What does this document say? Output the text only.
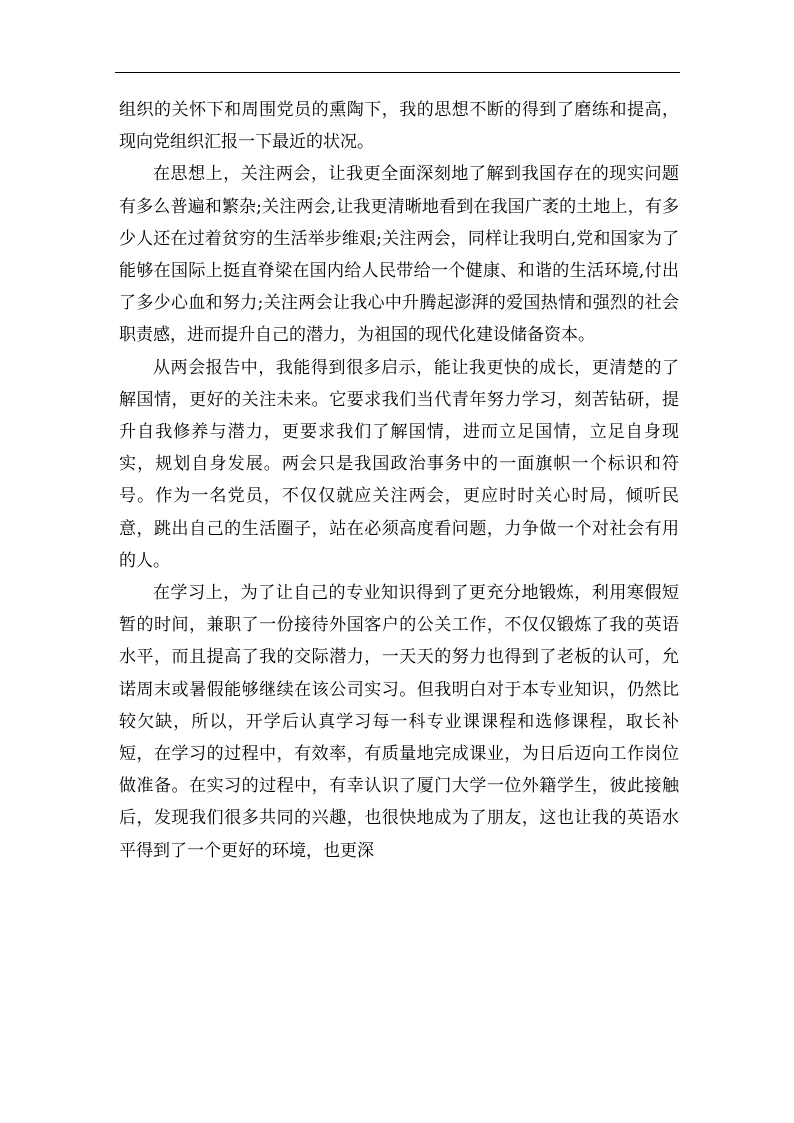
组织的关怀下和周围党员的熏陶下，我的思想不断的得到了磨练和提高，现向党组织汇报一下最近的状况。

在思想上，关注两会，让我更全面深刻地了解到我国存在的现实问题有多么普遍和繁杂;关注两会,让我更清晰地看到在我国广袤的土地上，有多少人还在过着贫穷的生活举步维艰;关注两会，同样让我明白,党和国家为了能够在国际上挺直脊梁在国内给人民带给一个健康、和谐的生活环境,付出了多少心血和努力;关注两会让我心中升腾起澎湃的爱国热情和强烈的社会职责感，进而提升自己的潜力，为祖国的现代化建设储备资本。

从两会报告中，我能得到很多启示，能让我更快的成长，更清楚的了解国情，更好的关注未来。它要求我们当代青年努力学习，刻苦钻研，提升自我修养与潜力，更要求我们了解国情，进而立足国情，立足自身现实，规划自身发展。两会只是我国政治事务中的一面旗帜一个标识和符号。作为一名党员，不仅仅就应关注两会，更应时时关心时局，倾听民意，跳出自己的生活圈子，站在必须高度看问题，力争做一个对社会有用的人。

在学习上，为了让自己的专业知识得到了更充分地锻炼，利用寒假短暂的时间，兼职了一份接待外国客户的公关工作，不仅仅锻炼了我的英语水平，而且提高了我的交际潜力，一天天的努力也得到了老板的认可，允诺周末或暑假能够继续在该公司实习。但我明白对于本专业知识，仍然比较欠缺，所以，开学后认真学习每一科专业课课程和选修课程，取长补短，在学习的过程中，有效率，有质量地完成课业，为日后迈向工作岗位做准备。在实习的过程中，有幸认识了厦门大学一位外籍学生，彼此接触后，发现我们很多共同的兴趣，也很快地成为了朋友，这也让我的英语水平得到了一个更好的环境，也更深
